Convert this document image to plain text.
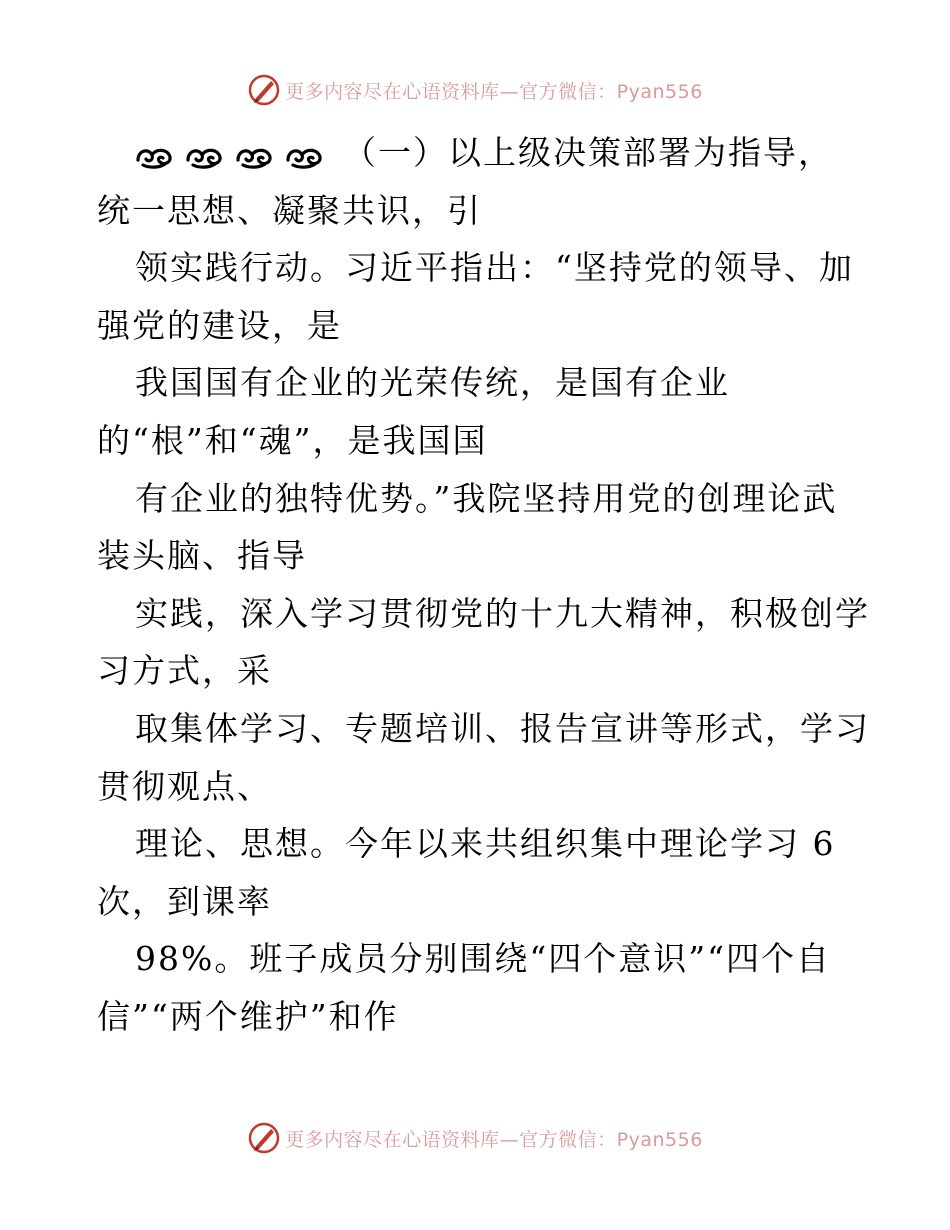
更多内容尽在心语资料库—官方微信：Pyan556
（一）以上级决策部署为指导，
统一思想、凝聚共识，引
领实践行动。习近平指出：“坚持党的领导、加
强党的建设，是
我国国有企业的光荣传统，是国有企业
的“根”和“魂”，是我国国
有企业的独特优势。”我院坚持用党的创理论武
装头脑、指导
实践，深入学习贯彻党的十九大精神，积极创学
习方式，采
取集体学习、专题培训、报告宣讲等形式，学习
贯彻观点、
理论、思想。今年以来共组织集中理论学习 6
次，到课率
98%。班子成员分别围绕“四个意识”“四个自
信”“两个维护”和作
更多内容尽在心语资料库—官方微信：Pyan556
